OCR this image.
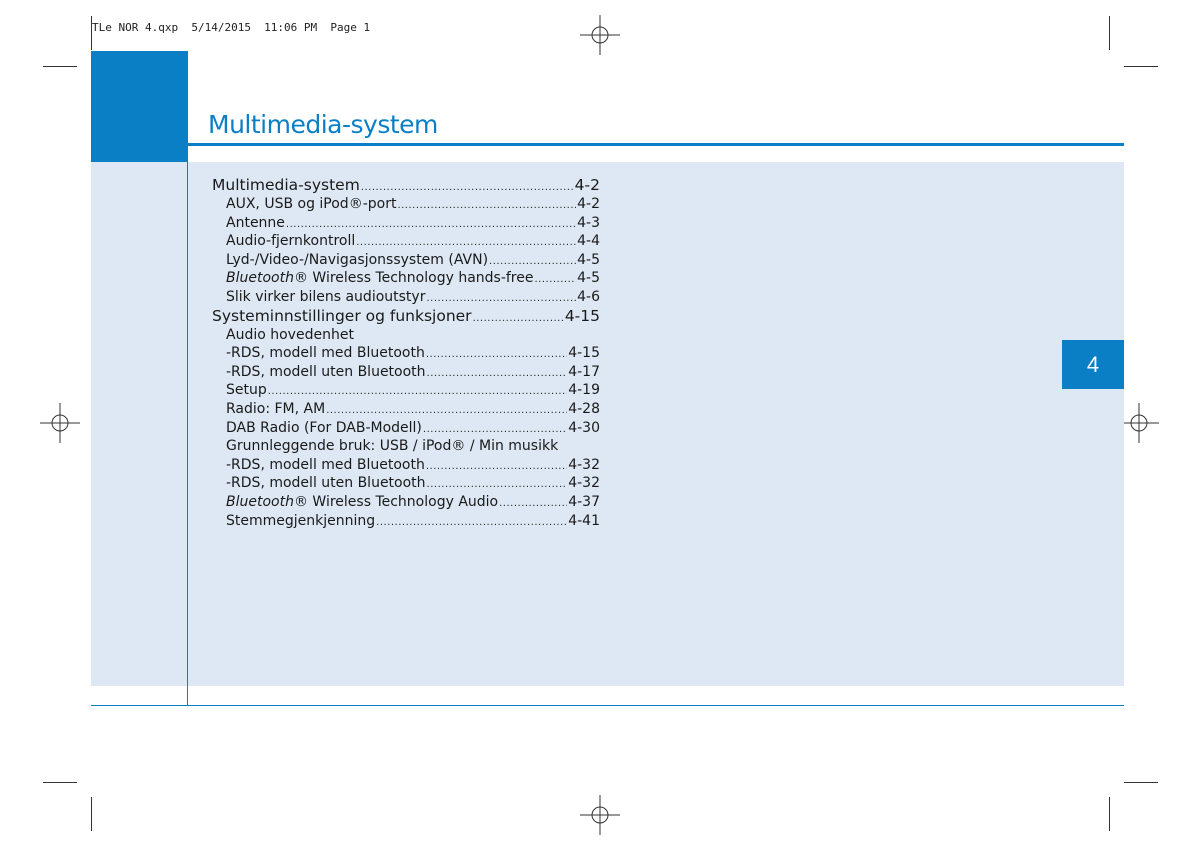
TLe NOR 4.qxp  5/14/2015  11:06 PM  Page 1
Multimedia-system
4
Multimedia-system .....	4-2
AUX, USB og iPod®-port .....	4-2
Antenne .....	4-3
Audio-fjernkontroll .....	4-4
Lyd-/Video-/Navigasjonssystem (AVN) .....	4-5
Bluetooth® Wireless Technology hands-free .....	4-5
Slik virker bilens audioutstyr .....	4-6
Systeminnstillinger og funksjoner .....	4-15
Audio hovedenhet
-RDS, modell med Bluetooth .....	4-15
-RDS, modell uten Bluetooth .....	4-17
Setup .....	4-19
Radio: FM, AM .....	4-28
DAB Radio (For DAB-Modell) .....	4-30
Grunnleggende bruk: USB / iPod® / Min musikk
-RDS, modell med Bluetooth .....	4-32
-RDS, modell uten Bluetooth .....	4-32
Bluetooth® Wireless Technology Audio .....	4-37
Stemmegjenkjenning .....	4-41
